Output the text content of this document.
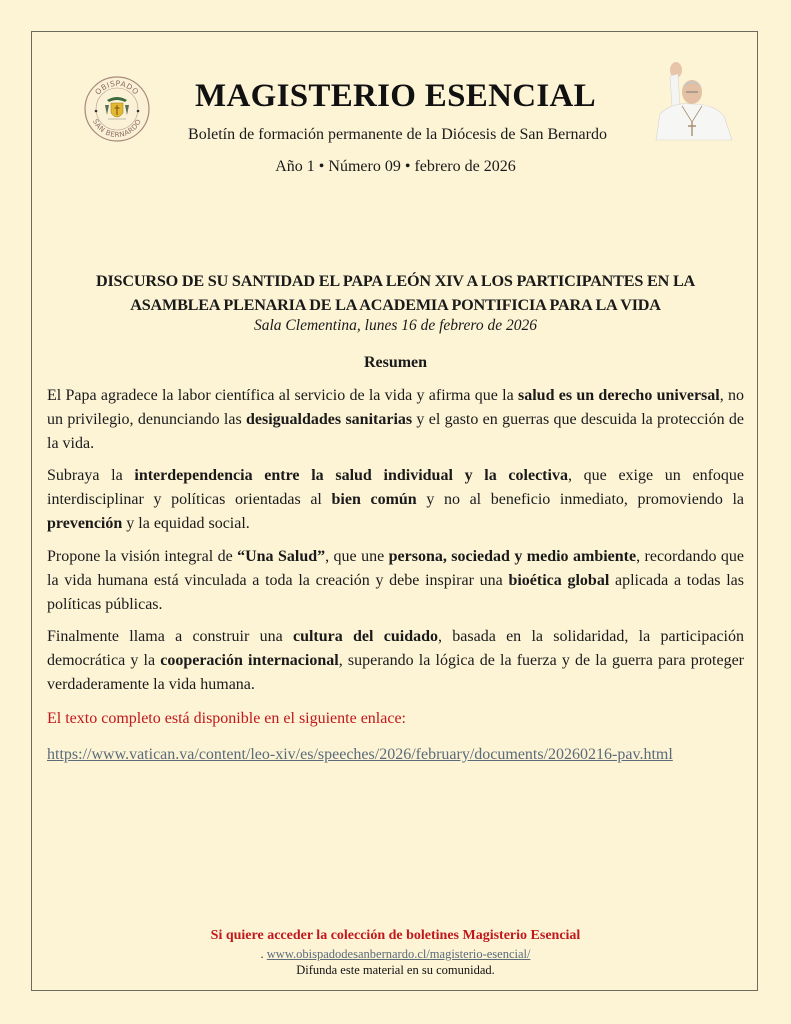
OBISPADO
SAN BERNARDO
MAGISTERIO ESENCIAL
Boletín de formación permanente de la Diócesis de San Bernardo
Año 1 • Número 09 • febrero de 2026
DISCURSO DE SU SANTIDAD EL PAPA LEÓN XIV A LOS PARTICIPANTES EN LA
ASAMBLEA PLENARIA DE LA ACADEMIA PONTIFICIA PARA LA VIDA
Sala Clementina, lunes 16 de febrero de 2026
Resumen

El Papa agradece la labor científica al servicio de la vida y afirma que la salud es un derecho universal, no un privilegio, denunciando las desigualdades sanitarias y el gasto en guerras que descuida la protección de la vida.

Subraya la interdependencia entre la salud individual y la colectiva, que exige un enfoque interdisciplinar y políticas orientadas al bien común y no al beneficio inmediato, promoviendo la prevención y la equidad social.

Propone la visión integral de “Una Salud”, que une persona, sociedad y medio ambiente, recordando que la vida humana está vinculada a toda la creación y debe inspirar una bioética global aplicada a todas las políticas públicas.

Finalmente llama a construir una cultura del cuidado, basada en la solidaridad, la participación democrática y la cooperación internacional, superando la lógica de la fuerza y de la guerra para proteger verdaderamente la vida humana.

El texto completo está disponible en el siguiente enlace:
https://www.vatican.va/content/leo-xiv/es/speeches/2026/february/documents/20260216-pav.html
Si quiere acceder la colección de boletines Magisterio Esencial
. www.obispadodesanbernardo.cl/magisterio-esencial/
Difunda este material en su comunidad.
